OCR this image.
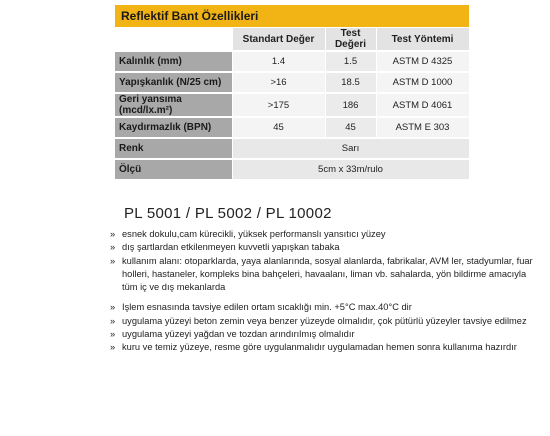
Reflektif Bant Özellikleri
	Standart Değer	Test Değeri	Test Yöntemi
Kalınlık (mm)	1.4	1.5	ASTM D 4325
Yapışkanlık (N/25 cm)	>16	18.5	ASTM D 1000
Geri yansıma (mcd/lx.m²)	>175	186	ASTM D 4061
Kaydırmazlık (BPN)	45	45	ASTM E 303
Renk	Sarı		
Ölçü	5cm x 33m/rulo		
PL 5001 / PL 5002 / PL 10002
» esnek dokulu,cam kürecikli, yüksek performanslı yansıtıcı yüzey
» dış şartlardan etkilenmeyen kuvvetli yapışkan tabaka
» kullanım alanı: otoparklarda, yaya alanlarında, sosyal alanlarda, fabrikalar, AVM ler, stadyumlar, fuar holleri, hastaneler, kompleks bina bahçeleri, havaalanı, liman vb. sahalarda, yön bildirme amacıyla tüm iç ve dış mekanlarda
» Işlem esnasında tavsiye edilen ortam sıcaklığı min. +5°C max.40°C dir
» uygulama yüzeyi beton zemin veya benzer yüzeyde olmalıdır, çok pütürlü yüzeyler tavsiye edilmez
» uygulama yüzeyi yağdan ve tozdan arındırılmış olmalıdır
» kuru ve temiz yüzeye, resme göre uygulanmalıdır uygulamadan hemen sonra kullanıma hazırdır
